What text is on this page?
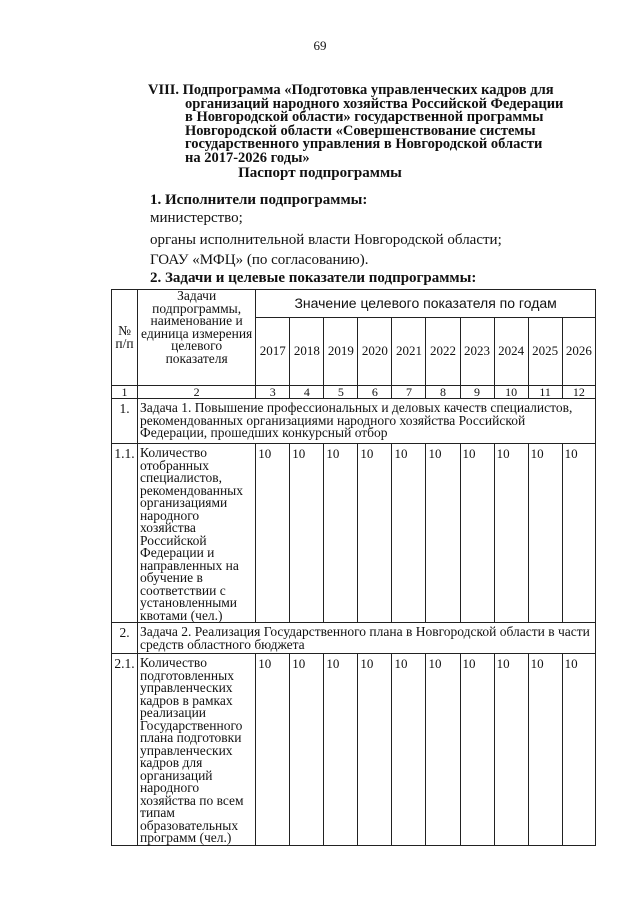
69
VIII. Подпрограмма «Подготовка управленческих кадров для
организаций народного хозяйства Российской Федерации
в Новгородской области» государственной программы
Новгородской области «Совершенствование системы
государственного управления в Новгородской области
на 2017-2026 годы»
Паспорт подпрограммы
1. Исполнители подпрограммы:
министерство;
органы исполнительной власти Новгородской области;
ГОАУ «МФЦ» (по согласованию).
2. Задачи и целевые показатели подпрограммы:
№ п/п	Задачи подпрограммы, наименование и единица измерения целевого показателя	Значение целевого показателя по годам									
		2017	2018	2019	2020	2021	2022	2023	2024	2025	2026
1	2	3	4	5	6	7	8	9	10	11	12
1.	Задача 1. Повышение профессиональных и деловых качеств специалистов, рекомендованных организациями народного хозяйства Российской Федерации, прошедших конкурсный отбор										
1.1.	Количество отобранных специалистов, рекомендованных организациями народного хозяйства Российской Федерации и направленных на обучение в соответствии с установленными квотами (чел.)	10	10	10	10	10	10	10	10	10	10
2.	Задача 2. Реализация Государственного плана в Новгородской области в части средств областного бюджета										
2.1.	Количество подготовленных управленческих кадров в рамках реализации Государственного плана подготовки управленческих кадров для организаций народного хозяйства по всем типам образовательных программ (чел.)	10	10	10	10	10	10	10	10	10	10
